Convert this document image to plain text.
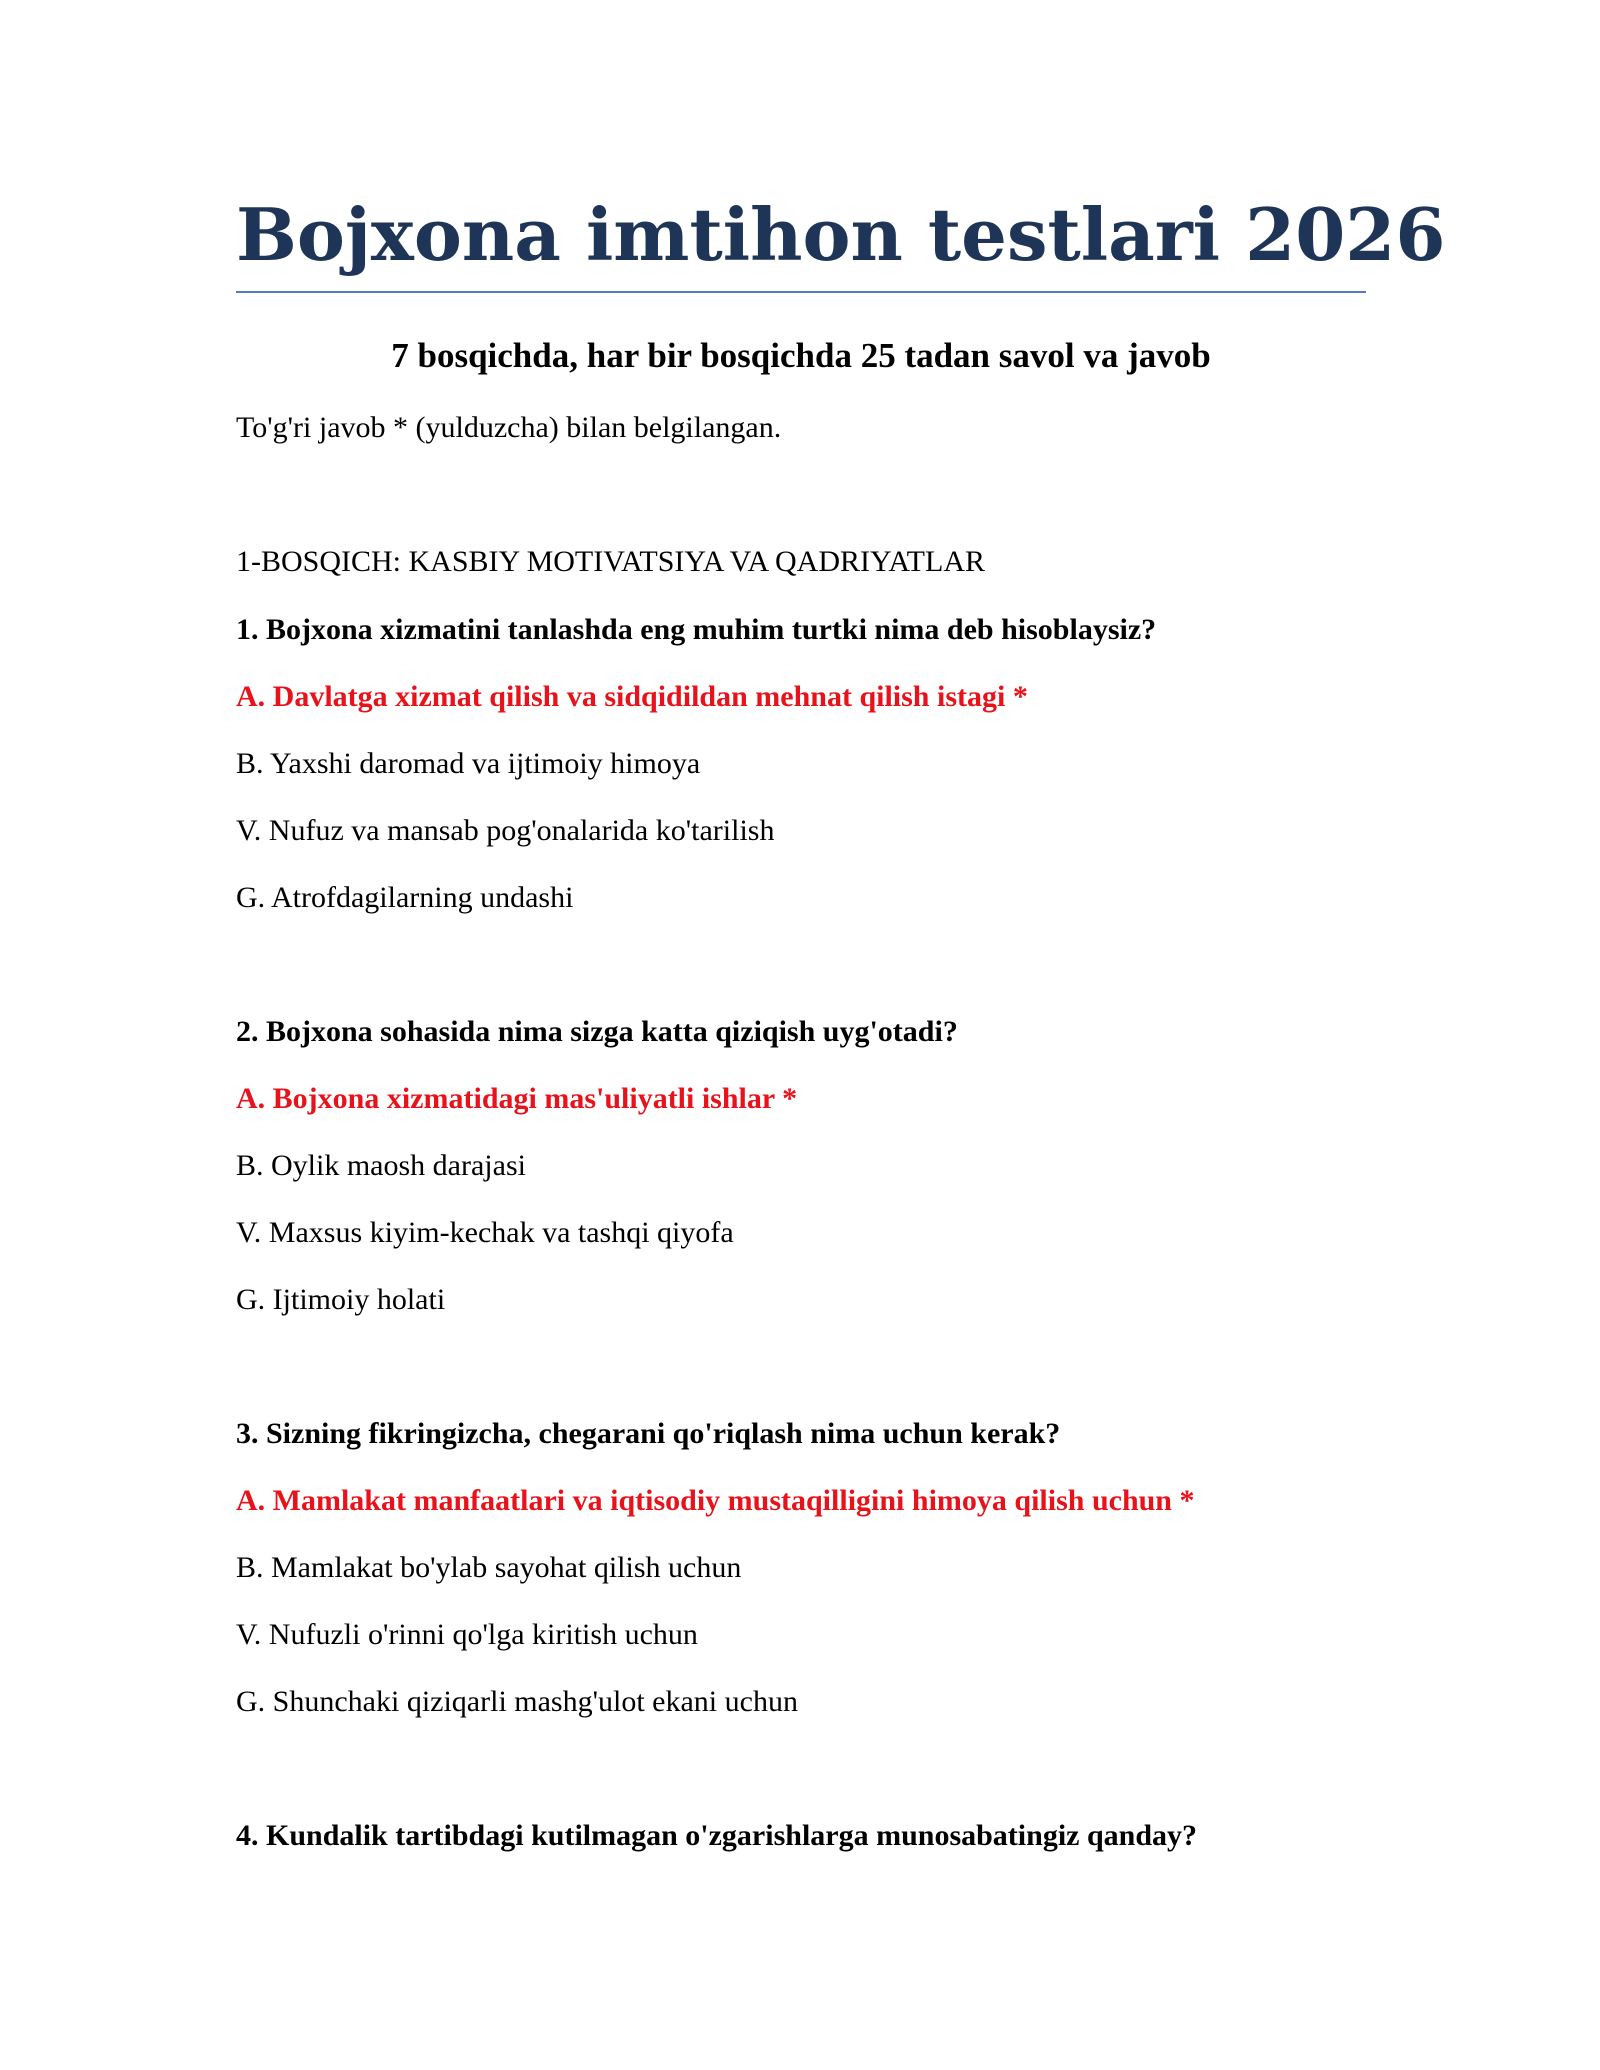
Bojxona imtihon testlari 2026
7 bosqichda, har bir bosqichda 25 tadan savol va javob

To'g'ri javob * (yulduzcha) bilan belgilangan.

1-BOSQICH: KASBIY MOTIVATSIYA VA QADRIYATLAR

1. Bojxona xizmatini tanlashda eng muhim turtki nima deb hisoblaysiz?

A. Davlatga xizmat qilish va sidqidildan mehnat qilish istagi *

B. Yaxshi daromad va ijtimoiy himoya

V. Nufuz va mansab pog'onalarida ko'tarilish

G. Atrofdagilarning undashi

2. Bojxona sohasida nima sizga katta qiziqish uyg'otadi?

A. Bojxona xizmatidagi mas'uliyatli ishlar *

B. Oylik maosh darajasi

V. Maxsus kiyim-kechak va tashqi qiyofa

G. Ijtimoiy holati

3. Sizning fikringizcha, chegarani qo'riqlash nima uchun kerak?

A. Mamlakat manfaatlari va iqtisodiy mustaqilligini himoya qilish uchun *

B. Mamlakat bo'ylab sayohat qilish uchun

V. Nufuzli o'rinni qo'lga kiritish uchun

G. Shunchaki qiziqarli mashg'ulot ekani uchun

4. Kundalik tartibdagi kutilmagan o'zgarishlarga munosabatingiz qanday?
